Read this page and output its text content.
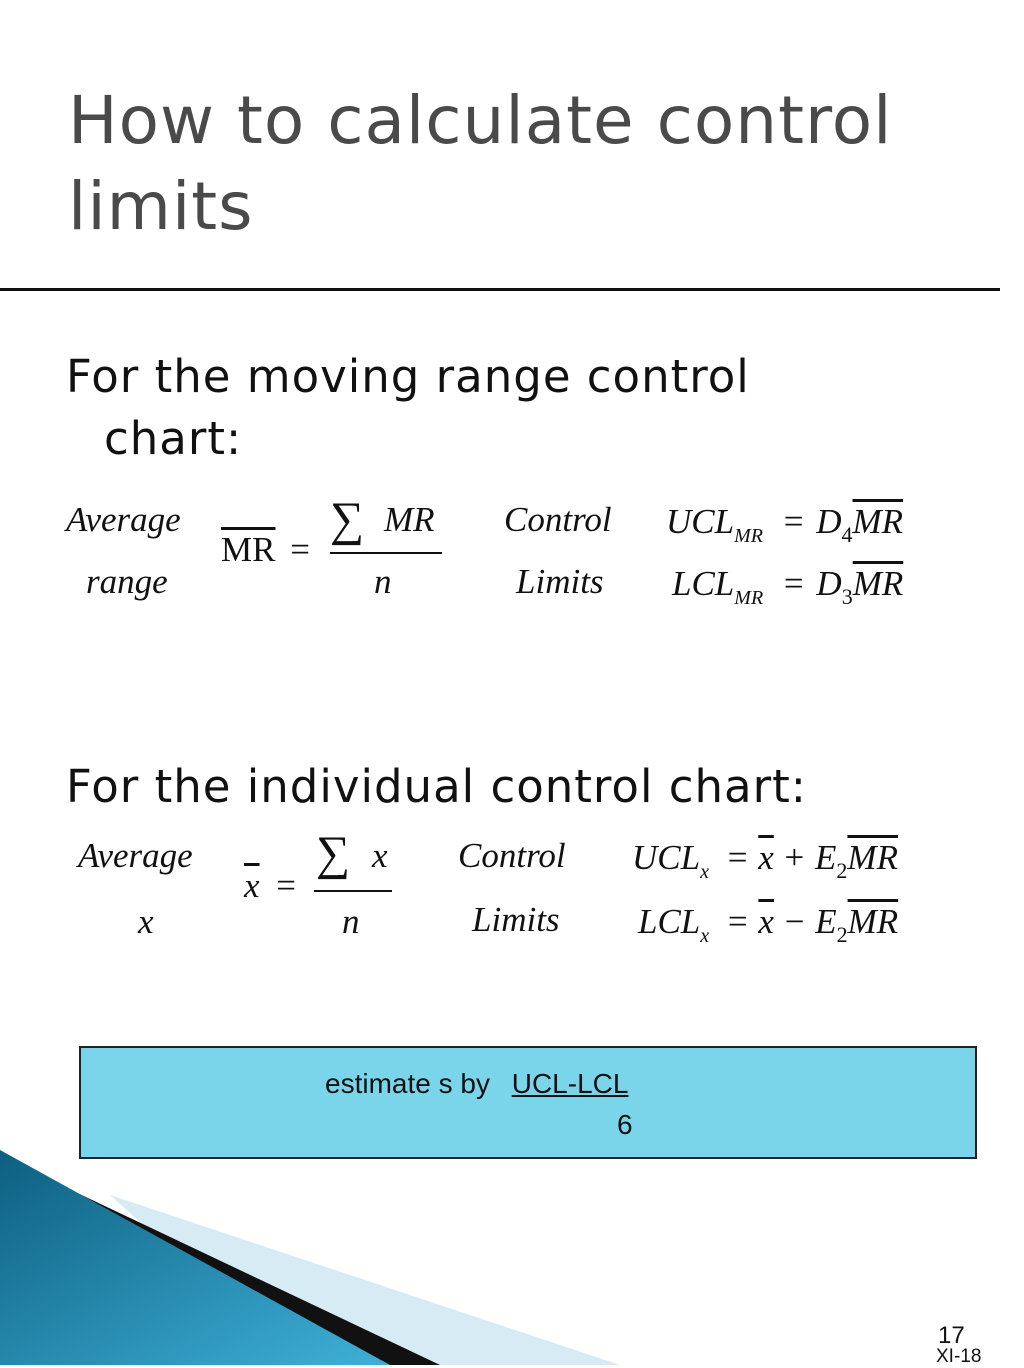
How to calculate control limits
For the moving range control
chart:
Average
range
$\overline{MR}$ =
∑ MR
n
Control
Limits
$UCL_{MR} = D_4\overline{MR}$
$LCL_{MR} = D_3\overline{MR}$
For the individual control chart:
Average
x
$\overline{x}$ =
∑ x
n
Control
Limits
$UCL_x = \overline{x} + E_2\overline{MR}$
$LCL_x = \overline{x} - E_2\overline{MR}$
estimate s by UCL-LCL
6
17
XI-18
